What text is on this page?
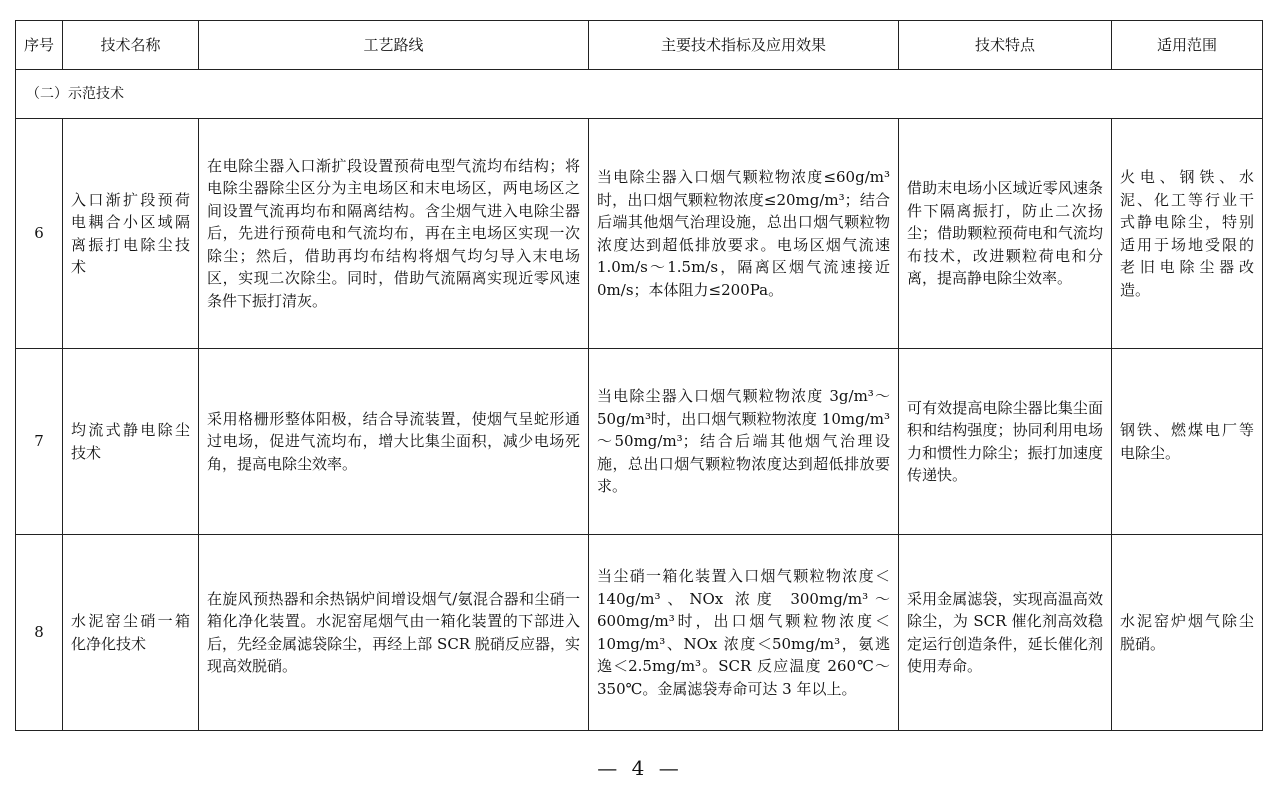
序号	技术名称	工艺路线	主要技术指标及应用效果	技术特点	适用范围
（二）示范技术					
6	入口渐扩段预荷电耦合小区域隔离振打电除尘技术	在电除尘器入口渐扩段设置预荷电型气流均布结构；将电除尘器除尘区分为主电场区和末电场区，两电场区之间设置气流再均布和隔离结构。含尘烟气进入电除尘器后，先进行预荷电和气流均布，再在主电场区实现一次除尘；然后，借助再均布结构将烟气均匀导入末电场区，实现二次除尘。同时，借助气流隔离实现近零风速条件下振打清灰。	当电除尘器入口烟气颗粒物浓度≤60g/m³时，出口烟气颗粒物浓度≤20mg/m³；结合后端其他烟气治理设施，总出口烟气颗粒物浓度达到超低排放要求。电场区烟气流速 1.0m/s～1.5m/s，隔离区烟气流速接近 0m/s；本体阻力≤200Pa。	借助末电场小区域近零风速条件下隔离振打，防止二次扬尘；借助颗粒预荷电和气流均布技术，改进颗粒荷电和分离，提高静电除尘效率。	火电、钢铁、水泥、化工等行业干式静电除尘，特别适用于场地受限的老旧电除尘器改造。
7	均流式静电除尘技术	采用格栅形整体阳极，结合导流装置，使烟气呈蛇形通过电场，促进气流均布，增大比集尘面积，减少电场死角，提高电除尘效率。	当电除尘器入口烟气颗粒物浓度 3g/m³～50g/m³时，出口烟气颗粒物浓度 10mg/m³～50mg/m³；结合后端其他烟气治理设施，总出口烟气颗粒物浓度达到超低排放要求。	可有效提高电除尘器比集尘面积和结构强度；协同利用电场力和惯性力除尘；振打加速度传递快。	钢铁、燃煤电厂等电除尘。
8	水泥窑尘硝一箱化净化技术	在旋风预热器和余热锅炉间增设烟气/氨混合器和尘硝一箱化净化装置。水泥窑尾烟气由一箱化装置的下部进入后，先经金属滤袋除尘，再经上部 SCR 脱硝反应器，实现高效脱硝。	当尘硝一箱化装置入口烟气颗粒物浓度＜140g/m³、NOx 浓度 300mg/m³～600mg/m³时，出口烟气颗粒物浓度＜10mg/m³、NOx 浓度＜50mg/m³，氨逃逸＜2.5mg/m³。SCR 反应温度 260℃～350℃。金属滤袋寿命可达 3 年以上。	采用金属滤袋，实现高温高效除尘，为 SCR 催化剂高效稳定运行创造条件，延长催化剂使用寿命。	水泥窑炉烟气除尘脱硝。
— 4 —
